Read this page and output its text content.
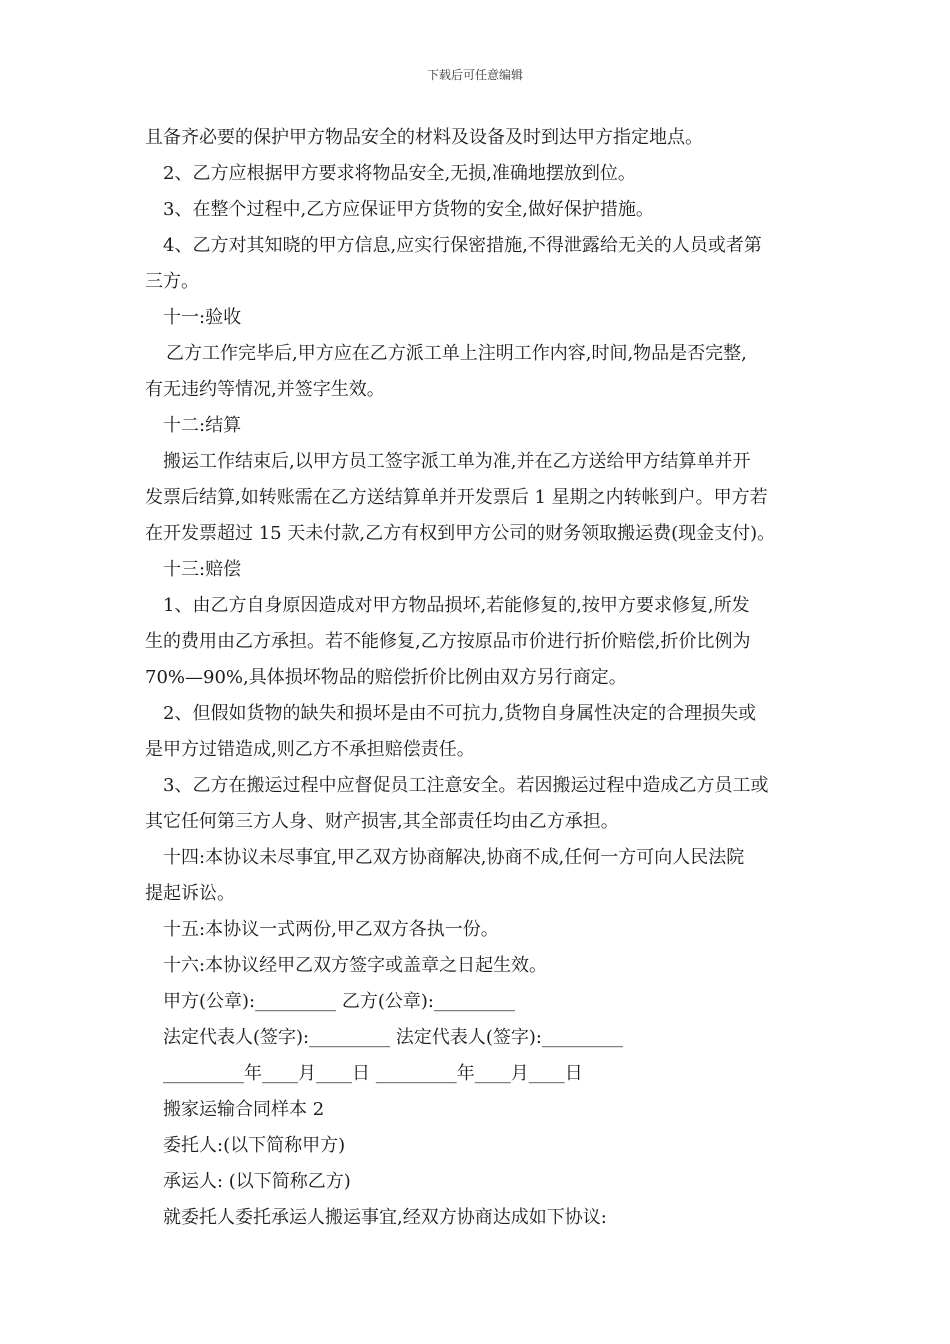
下载后可任意编辑
且备齐必要的保护甲方物品安全的材料及设备及时到达甲方指定地点。
2、乙方应根据甲方要求将物品安全,无损,准确地摆放到位。
3、在整个过程中,乙方应保证甲方货物的安全,做好保护措施。
4、乙方对其知晓的甲方信息,应实行保密措施,不得泄露给无关的人员或者第
三方。
十一:验收
乙方工作完毕后,甲方应在乙方派工单上注明工作内容,时间,物品是否完整,
有无违约等情况,并签字生效。
十二:结算
搬运工作结束后,以甲方员工签字派工单为准,并在乙方送给甲方结算单并开
发票后结算,如转账需在乙方送结算单并开发票后 1 星期之内转帐到户。甲方若
在开发票超过 15 天未付款,乙方有权到甲方公司的财务领取搬运费(现金支付)。
十三:赔偿
1、由乙方自身原因造成对甲方物品损坏,若能修复的,按甲方要求修复,所发
生的费用由乙方承担。若不能修复,乙方按原品市价进行折价赔偿,折价比例为
70%—90%,具体损坏物品的赔偿折价比例由双方另行商定。
2、但假如货物的缺失和损坏是由不可抗力,货物自身属性决定的合理损失或
是甲方过错造成,则乙方不承担赔偿责任。
3、乙方在搬运过程中应督促员工注意安全。若因搬运过程中造成乙方员工或
其它任何第三方人身、财产损害,其全部责任均由乙方承担。
十四:本协议未尽事宜,甲乙双方协商解决,协商不成,任何一方可向人民法院
提起诉讼。
十五:本协议一式两份,甲乙双方各执一份。
十六:本协议经甲乙双方签字或盖章之日起生效。
甲方(公章):_________ 乙方(公章):_________
法定代表人(签字):_________ 法定代表人(签字):_________
_________年____月____日 _________年____月____日
搬家运输合同样本 2
委托人:(以下简称甲方)
承运人: (以下简称乙方)
就委托人委托承运人搬运事宜,经双方协商达成如下协议:
